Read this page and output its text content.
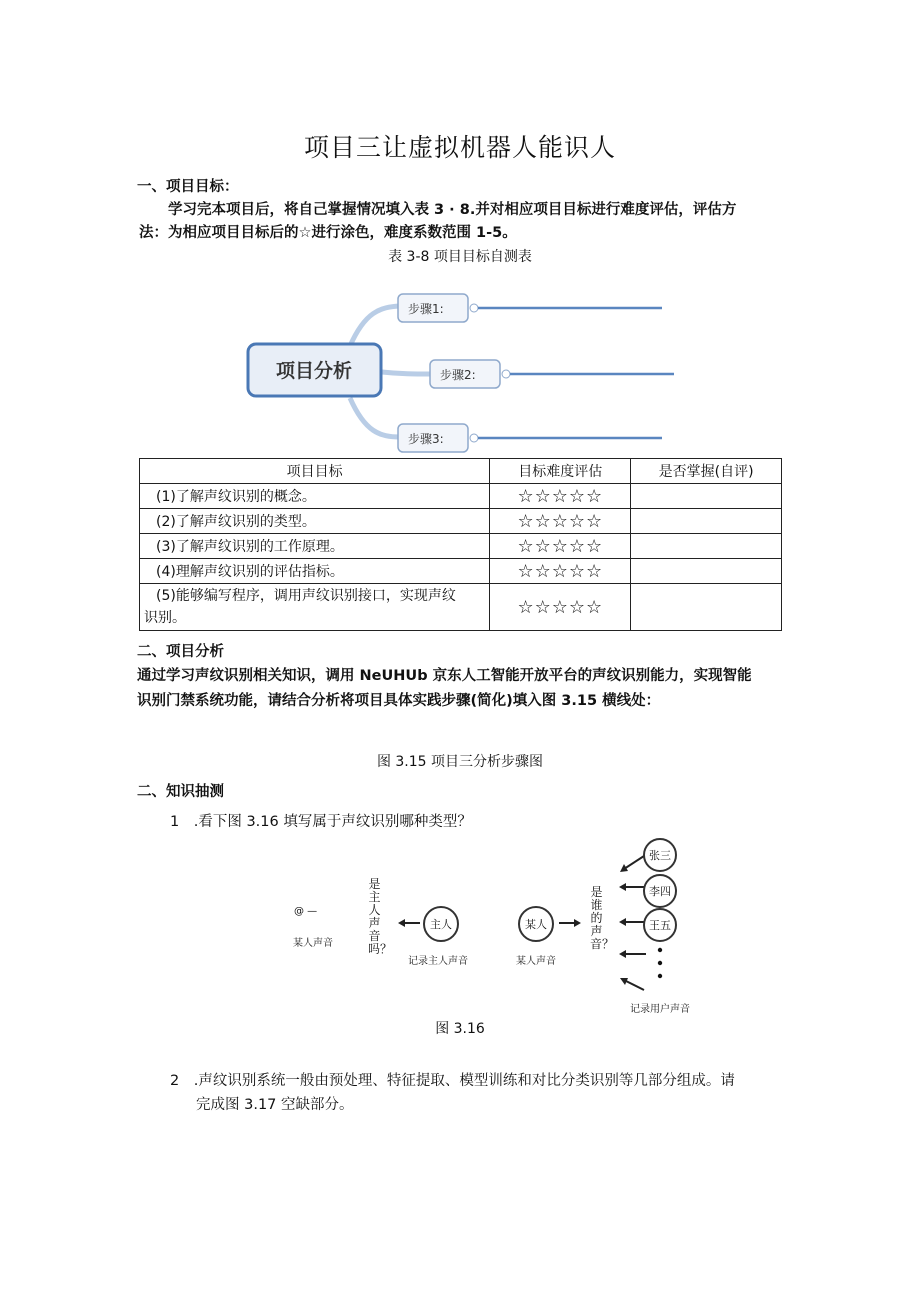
项目三让虚拟机器人能识人
一、项目目标：
学习完本项目后，将自己掌握情况填入表 3 · 8.并对相应项目目标进行难度评估，评估方
法：为相应项目目标后的☆进行涂色，难度系数范围 1-5。
表 3-8 项目目标自测表
项目分析
步骤1:
步骤2:
步骤3:
项目目标	目标难度评估	是否掌握(自评)
(1)了解声纹识别的概念。	☆☆☆☆☆	
(2)了解声纹识别的类型。	☆☆☆☆☆	
(3)了解声纹识别的工作原理。	☆☆☆☆☆	
(4)理解声纹识别的评估指标。	☆☆☆☆☆	

(5)能够编写程序，调用声纹识别接口，实现声纹
识别。	☆☆☆☆☆	
二、项目分析
通过学习声纹识别相关知识，调用 NeUHUb 京东人工智能开放平台的声纹识别能力，实现智能
识别门禁系统功能，请结合分析将项目具体实践步骤(简化)填入图 3.15 横线处：
图 3.15 项目三分析步骤图
二、知识抽测
1　.看下图 3.16 填写属于声纹识别哪种类型？
@ —
某人声音
是主人声音吗？
主人
记录主人声音
某人
某人声音
是谁的声音？
张三
李四
王五
记录用户声音
图 3.16
2　.声纹识别系统一般由预处理、特征提取、模型训练和对比分类识别等几部分组成。请
完成图 3.17 空缺部分。
